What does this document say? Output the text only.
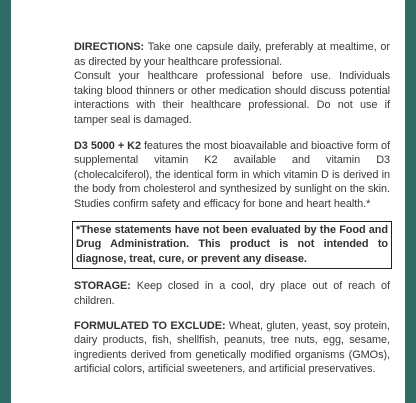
DIRECTIONS: Take one capsule daily, preferably at mealtime, or as directed by your healthcare professional.

Consult your healthcare professional before use. Individuals taking blood thinners or other medication should discuss potential interactions with their healthcare professional. Do not use if tamper seal is damaged.

D3 5000 + K2 features the most bioavailable and bioactive form of supplemental vitamin K2 available and vitamin D3 (cholecalciferol), the identical form in which vitamin D is derived in the body from cholesterol and synthesized by sunlight on the skin. Studies confirm safety and efficacy for bone and heart health.*

*These statements have not been evaluated by the Food and Drug Administration. This product is not intended to diagnose, treat, cure, or prevent any disease.

STORAGE: Keep closed in a cool, dry place out of reach of children.

FORMULATED TO EXCLUDE: Wheat, gluten, yeast, soy protein, dairy products, fish, shellfish, peanuts, tree nuts, egg, sesame, ingredients derived from genetically modified organisms (GMOs), artificial colors, artificial sweeteners, and artificial preservatives.
